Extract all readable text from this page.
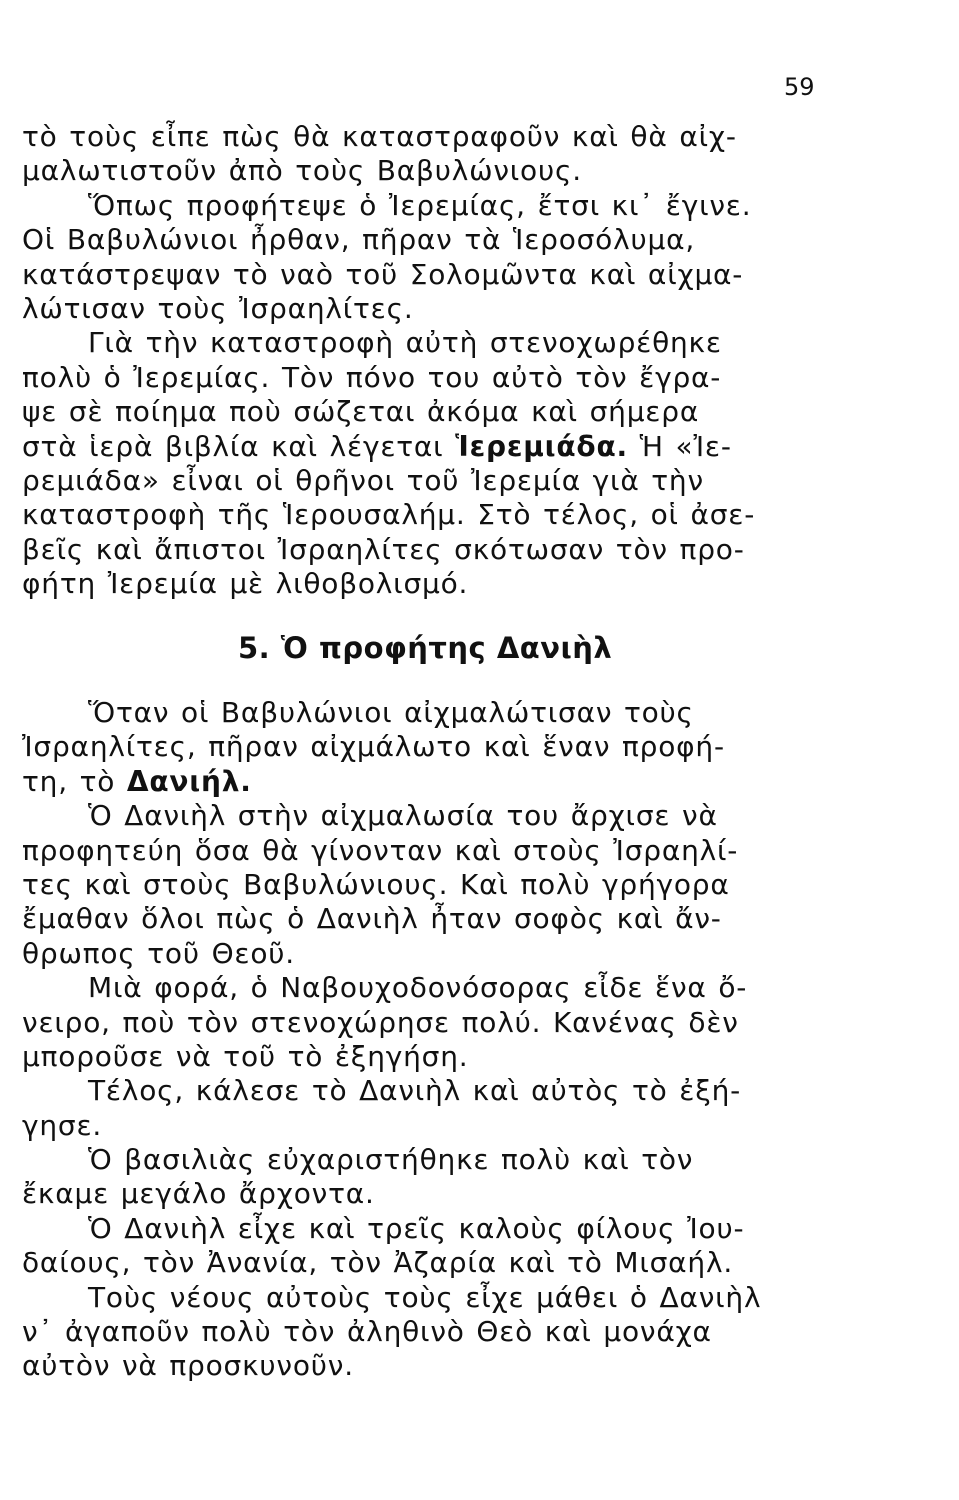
59
τὸ τοὺς εἶπε πὼς θὰ καταστραφοῦν καὶ θὰ αἰχ-
μαλωτιστοῦν ἀπὸ τοὺς Βαβυλώνιους.
Ὅπως προφήτεψε ὁ Ἰερεμίας, ἔτσι κι᾽ ἔγινε.
Οἱ Βαβυλώνιοι ἦρθαν, πῆραν τὰ Ἱεροσόλυμα,
κατάστρεψαν τὸ ναὸ τοῦ Σολομῶντα καὶ αἰχμα-
λώτισαν τοὺς Ἰσραηλίτες.
Γιὰ τὴν καταστροφὴ αὐτὴ στενοχωρέθηκε
πολὺ ὁ Ἰερεμίας. Τὸν πόνο του αὐτὸ τὸν ἔγρα-
ψε σὲ ποίημα ποὺ σώζεται ἀκόμα καὶ σήμερα
στὰ ἱερὰ βιβλία καὶ λέγεται Ἱερεμιάδα. Ἡ «Ἰε-
ρεμιάδα» εἶναι οἱ θρῆνοι τοῦ Ἰερεμία γιὰ τὴν
καταστροφὴ τῆς Ἱερουσαλήμ. Στὸ τέλος, οἱ ἀσε-
βεῖς καὶ ἄπιστοι Ἰσραηλίτες σκότωσαν τὸν προ-
φήτη Ἰερεμία μὲ λιθοβολισμό.
5. Ὁ προφήτης Δανιὴλ
Ὅταν οἱ Βαβυλώνιοι αἰχμαλώτισαν τοὺς
Ἰσραηλίτες, πῆραν αἰχμάλωτο καὶ ἕναν προφή-
τη, τὸ Δανιήλ.
Ὁ Δανιὴλ στὴν αἰχμαλωσία του ἄρχισε νὰ
προφητεύη ὅσα θὰ γίνονταν καὶ στοὺς Ἰσραηλί-
τες καὶ στοὺς Βαβυλώνιους. Καὶ πολὺ γρήγορα
ἔμαθαν ὅλοι πὼς ὁ Δανιὴλ ἦταν σοφὸς καὶ ἄν-
θρωπος τοῦ Θεοῦ.
Μιὰ φορά, ὁ Ναβουχοδονόσορας εἶδε ἕνα ὄ-
νειρο, ποὺ τὸν στενοχώρησε πολύ. Κανένας δὲν
μποροῦσε νὰ τοῦ τὸ ἐξηγήση.
Τέλος, κάλεσε τὸ Δανιὴλ καὶ αὐτὸς τὸ ἐξή-
γησε.
Ὁ βασιλιὰς εὐχαριστήθηκε πολὺ καὶ τὸν
ἔκαμε μεγάλο ἄρχοντα.
Ὁ Δανιὴλ εἶχε καὶ τρεῖς καλοὺς φίλους Ἰου-
δαίους, τὸν Ἀνανία, τὸν Ἀζαρία καὶ τὸ Μισαήλ.
Τοὺς νέους αὐτοὺς τοὺς εἶχε μάθει ὁ Δανιὴλ
ν᾽ ἀγαποῦν πολὺ τὸν ἀληθινὸ Θεὸ καὶ μονάχα
αὐτὸν νὰ προσκυνοῦν.
